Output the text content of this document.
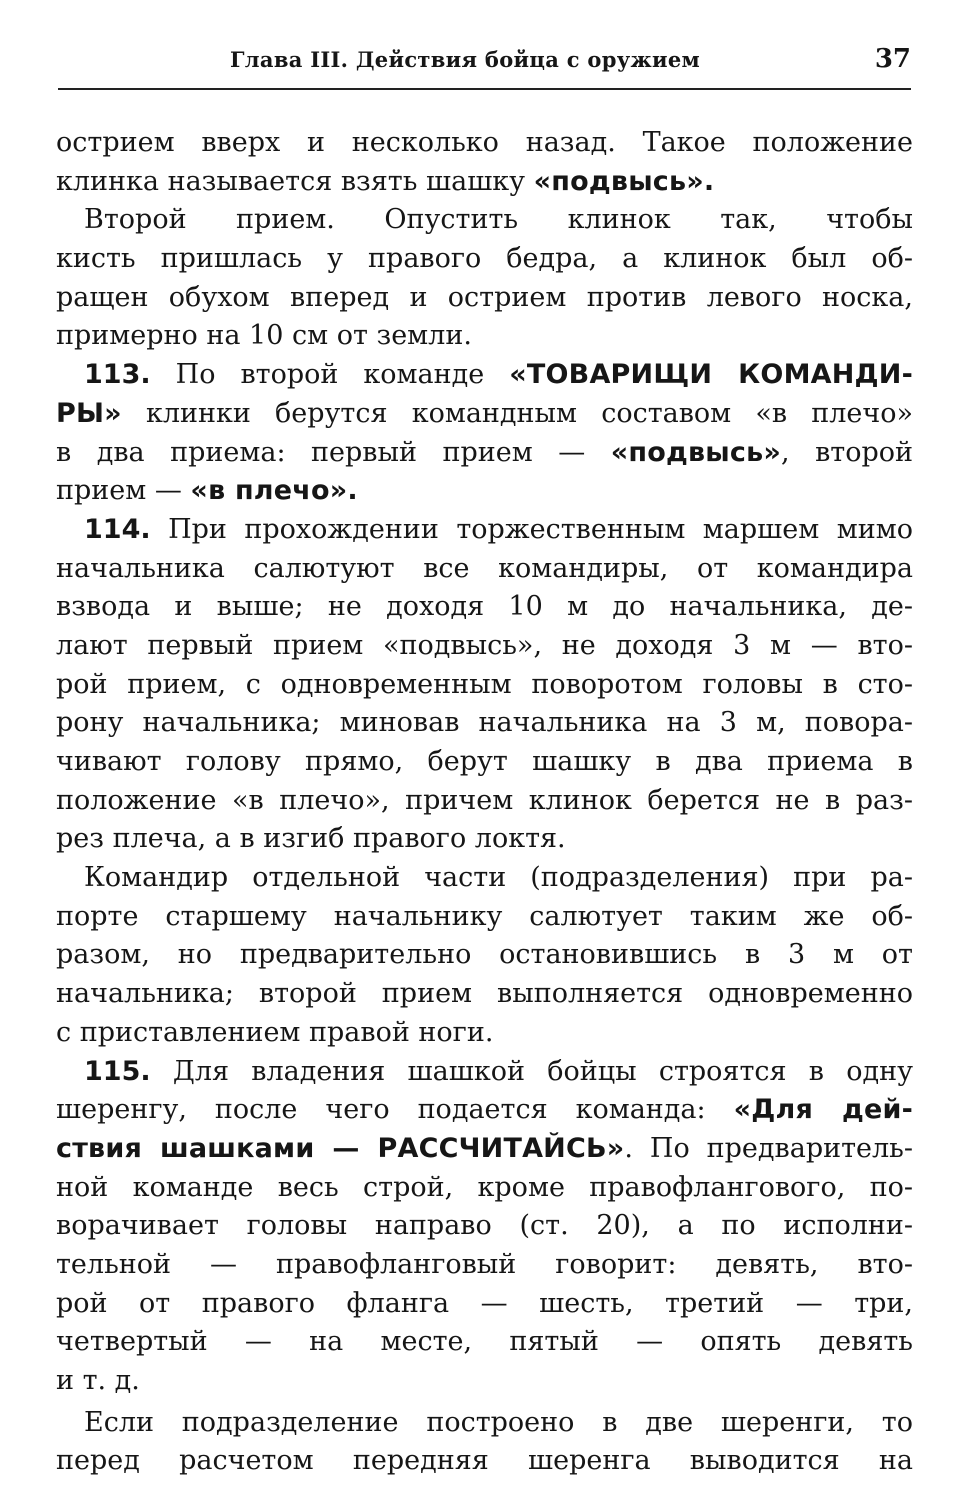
Глава III. Действия бойца с оружием	37
острием вверх и несколько назад. Такое положение
клинка называется взять шашку «подвысь».
Второй прием. Опустить клинок так, чтобы
кисть пришлась у правого бедра, а клинок был об-
ращен обухом вперед и острием против левого носка,
примерно на 10 см от земли.
113. По второй команде «ТОВАРИЩИ КОМАНДИ-
РЫ» клинки берутся командным составом «в плечо»
в два приема: первый прием — «подвысь», второй
прием — «в плечо».
114. При прохождении торжественным маршем мимо
начальника салютуют все командиры, от командира
взвода и выше; не доходя 10 м до начальника, де-
лают первый прием «подвысь», не доходя 3 м — вто-
рой прием, с одновременным поворотом головы в сто-
рону начальника; миновав начальника на 3 м, повора-
чивают голову прямо, берут шашку в два приема в
положение «в плечо», причем клинок берется не в раз-
рез плеча, а в изгиб правого локтя.
Командир отдельной части (подразделения) при ра-
порте старшему начальнику салютует таким же об-
разом, но предварительно остановившись в 3 м от
начальника; второй прием выполняется одновременно
с приставлением правой ноги.
115. Для владения шашкой бойцы строятся в одну
шеренгу, после чего подается команда: «Для дей-
ствия шашками — РАССЧИТАЙСЬ». По предваритель-
ной команде весь строй, кроме правофлангового, по-
ворачивает головы направо (ст. 20), а по исполни-
тельной — правофланговый говорит: девять, вто-
рой от правого фланга — шесть, третий — три,
четвертый — на месте, пятый — опять девять
и т. д.
Если подразделение построено в две шеренги, то
перед расчетом передняя шеренга выводится на
